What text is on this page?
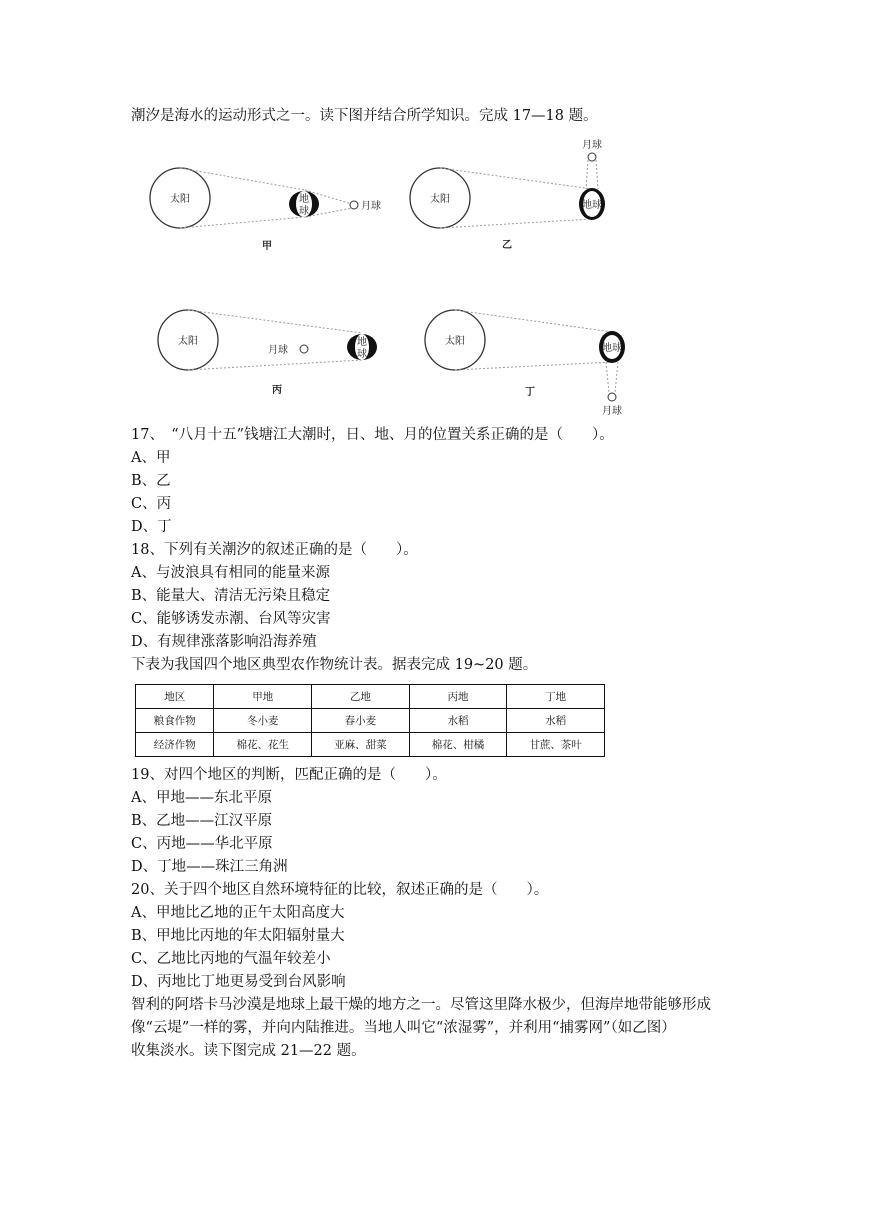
潮汐是海水的运动形式之一。读下图并结合所学知识。完成 17—18 题。
太阳	地
球	月球
甲
太阳
地球
月球
乙
太阳
月球
地
球
丙
太阳
地球
月球
丁
17、　“八月十五”钱塘江大潮时，日、地、月的位置关系正确的是（　　）。
A、甲
B、乙
C、丙
D、丁
18、下列有关潮汐的叙述正确的是（　　）。
A、与波浪具有相同的能量来源
B、能量大、清洁无污染且稳定
C、能够诱发赤潮、台风等灾害
D、有规律涨落影响沿海养殖
下表为我国四个地区典型农作物统计表。据表完成 19~20 题。
地区	甲地	乙地	丙地	丁地
粮食作物	冬小麦	春小麦	水稻	水稻
经济作物	棉花、花生	亚麻、甜菜	棉花、柑橘	甘蔗、茶叶
19、对四个地区的判断，匹配正确的是（　　）。
A、甲地——东北平原
B、乙地——江汉平原
C、丙地——华北平原
D、丁地——珠江三角洲
20、关于四个地区自然环境特征的比较，叙述正确的是（　　）。
A、甲地比乙地的正午太阳高度大
B、甲地比丙地的年太阳辐射量大
C、乙地比丙地的气温年较差小
D、丙地比丁地更易受到台风影响
智利的阿塔卡马沙漠是地球上最干燥的地方之一。尽管这里降水极少，但海岸地带能够形成
像“云堤”一样的雾，并向内陆推进。当地人叫它“浓湿雾”，并利用“捕雾网”（如乙图）
收集淡水。读下图完成 21—22 题。
